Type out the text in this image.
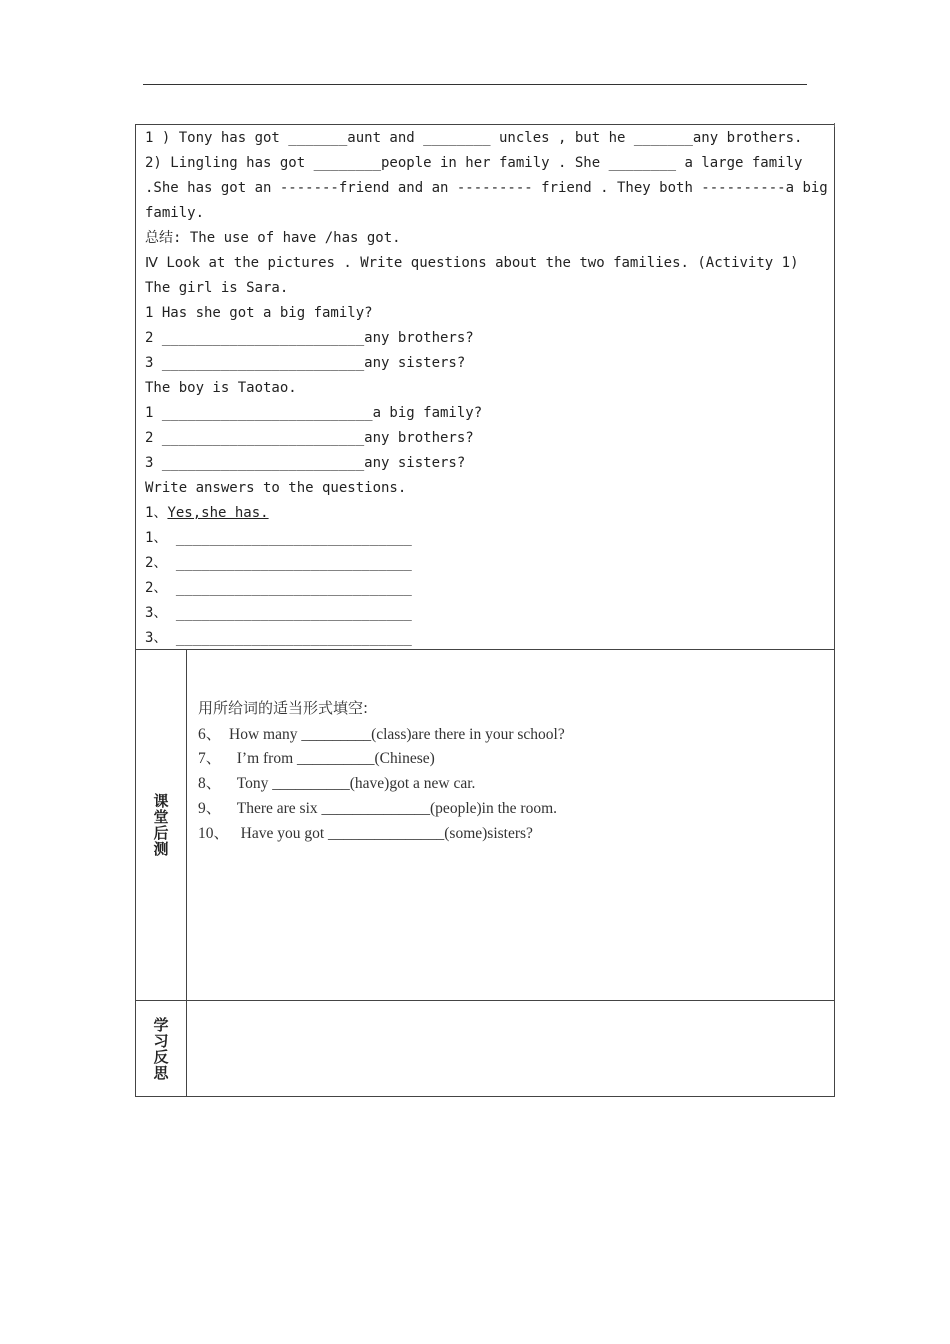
1 ) Tony has got _______aunt and ________ uncles , but he _______any brothers.
2) Lingling has got ________people in her family . She ________ a large family
.She has got an -------friend and an --------- friend . They both ----------a big
family.
总结: The use of have /has got.
Ⅳ Look at the pictures . Write questions about the two families. (Activity 1)
The girl is Sara.
1 Has she got a big family?
2 ________________________any brothers?
3 ________________________any sisters?
The boy is Taotao.
1 _________________________a big family?
2 ________________________any brothers?
3 ________________________any sisters?
Write answers to the questions.
1、Yes,she has.
1、 ____________________________
2、 ____________________________
2、 ____________________________
3、 ____________________________
3、 ____________________________
课堂后测
用所给词的适当形式填空:
6、  How many _________(class)are there in your school?
7、    I’m from __________(Chinese)
8、    Tony __________(have)got a new car.
9、    There are six ______________(people)in the room.
10、   Have you got _______________(some)sisters?
学习反思
